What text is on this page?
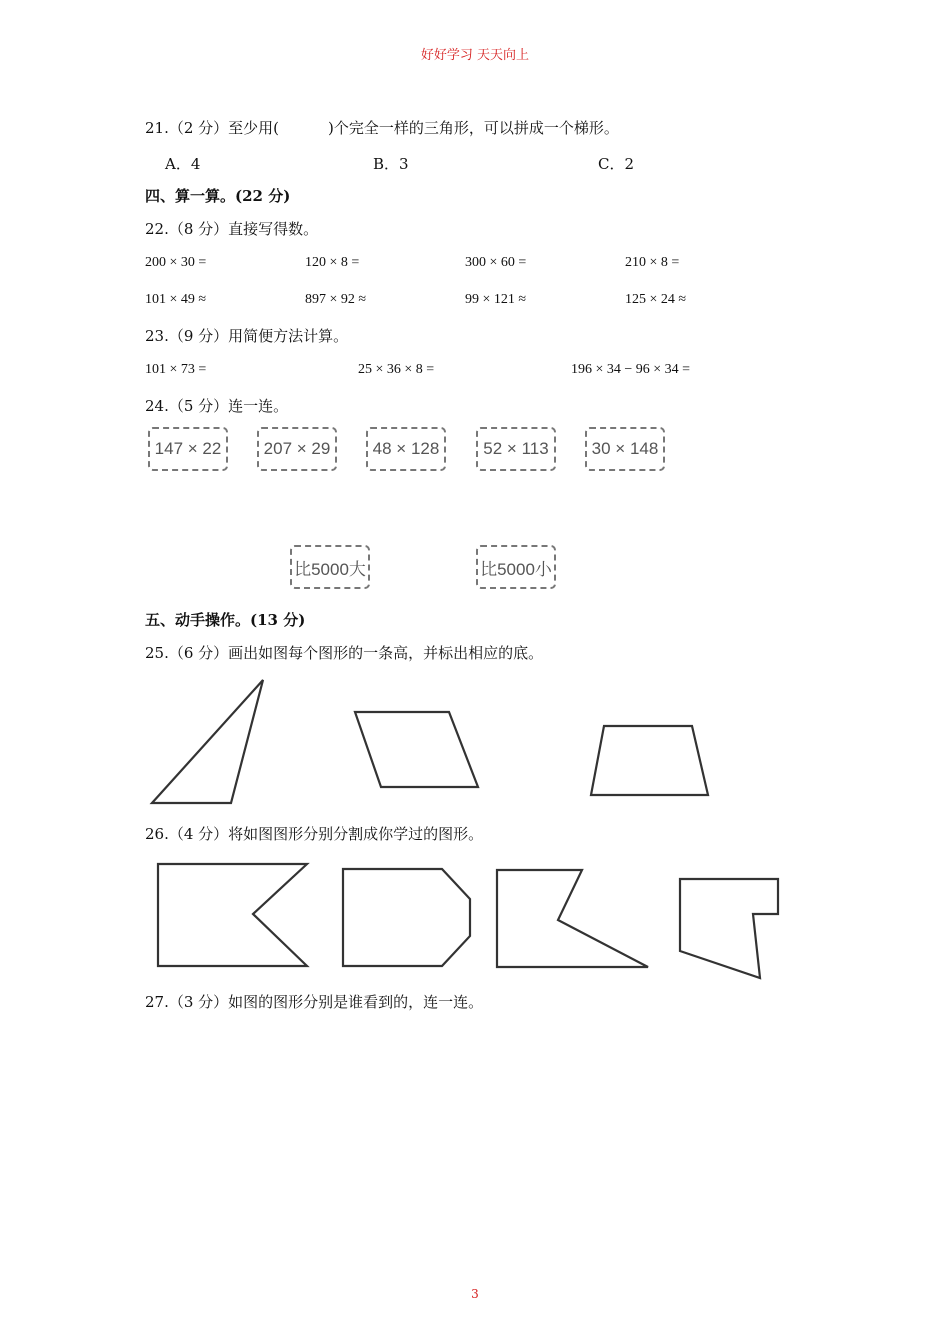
好好学习 天天向上
21.（2 分）至少用(	)个完全一样的三角形，可以拼成一个梯形。
A．4	B．3	C．2
四、算一算。(22 分)
22.（8 分）直接写得数。
200 × 30 =	120 × 8 =	300 × 60 =	210 × 8 =
101 × 49 ≈	897 × 92 ≈	99 × 121 ≈	125 × 24 ≈
23.（9 分）用简便方法计算。
101 × 73 =	25 × 36 × 8 =	196 × 34 − 96 × 34 =
24.（5 分）连一连。
147 × 22	207 × 29	48 × 128	52 × 113	30 × 148
比5000大	比5000小
五、动手操作。(13 分)
25.（6 分）画出如图每个图形的一条高，并标出相应的底。
26.（4 分）将如图图形分别分割成你学过的图形。
27.（3 分）如图的图形分别是谁看到的，连一连。
3
